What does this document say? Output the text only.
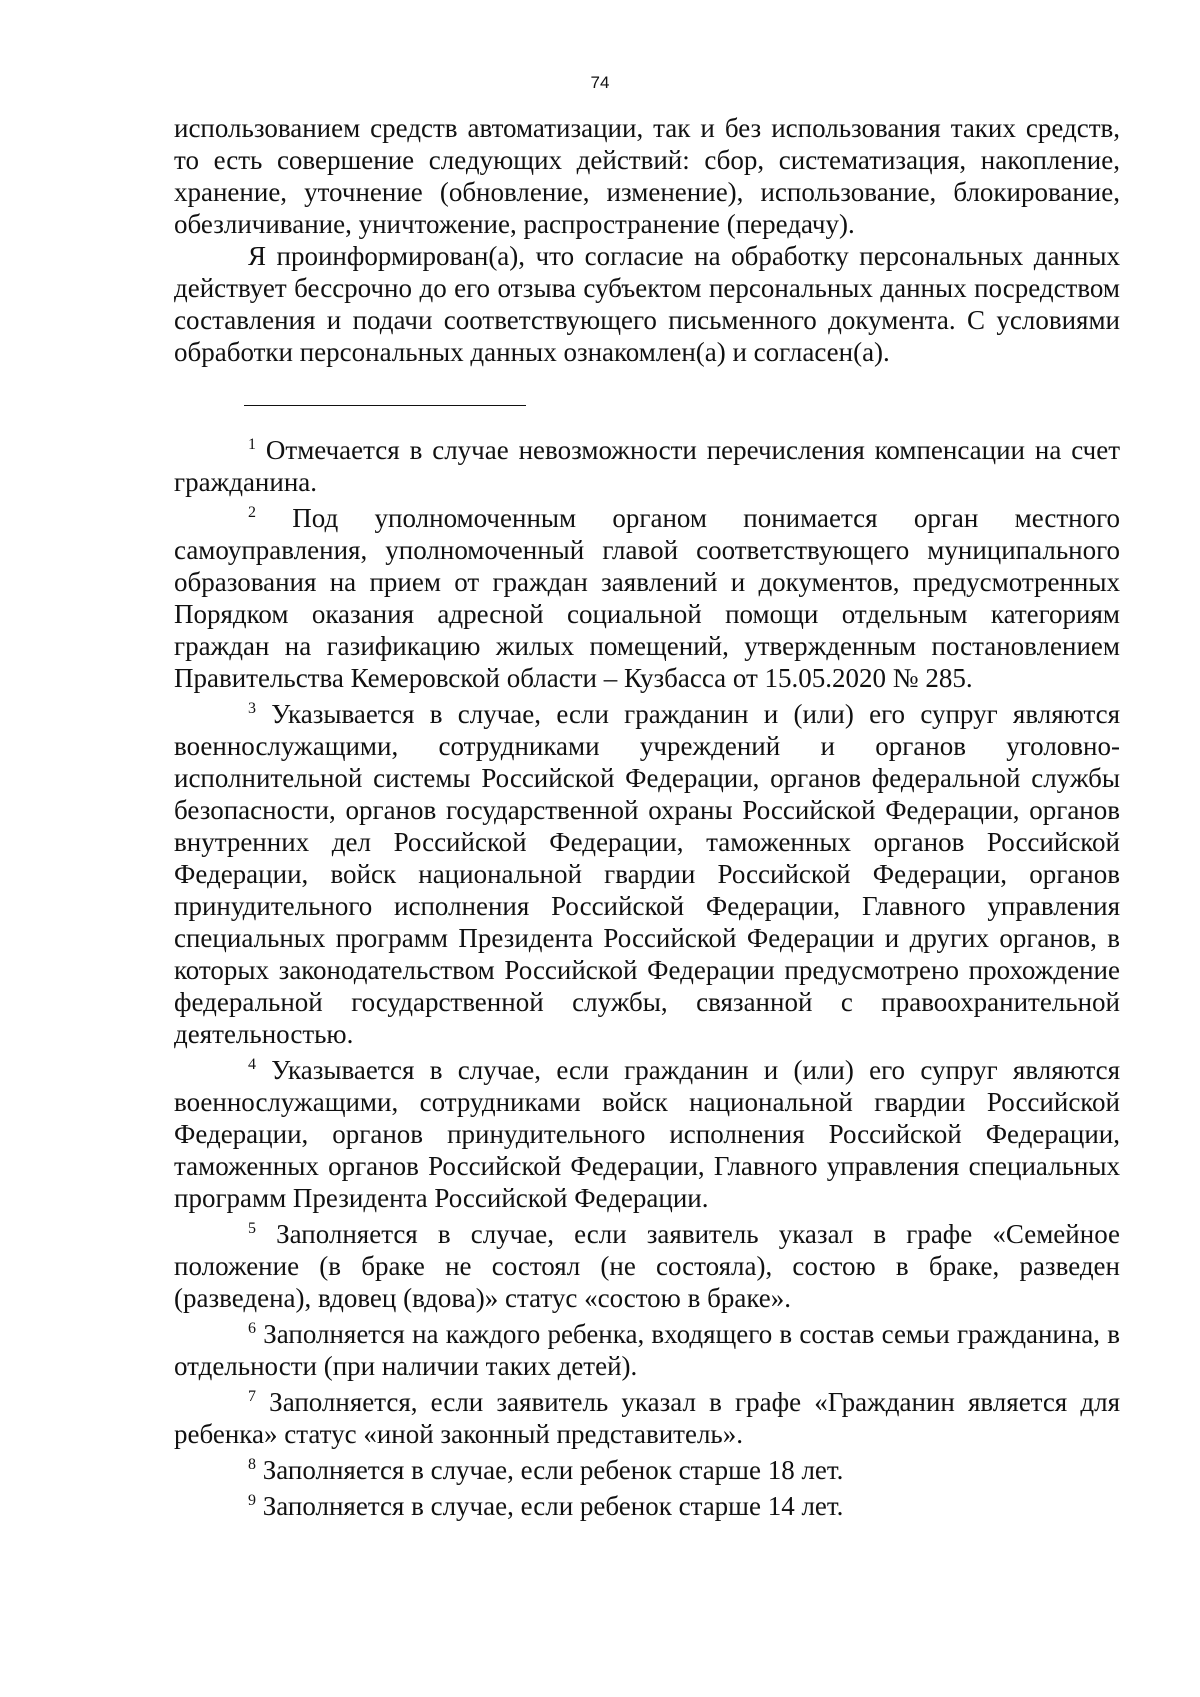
74

использованием средств автоматизации, так и без использования таких средств, то есть совершение следующих действий: сбор, систематизация, накопление, хранение, уточнение (обновление, изменение), использование, блокирование, обезличивание, уничтожение, распространение (передачу).

Я проинформирован(а), что согласие на обработку персональных данных действует бессрочно до его отзыва субъектом персональных данных посредством составления и подачи соответствующего письменного документа. С условиями обработки персональных данных ознакомлен(а) и согласен(а).

$^1$ Отмечается в случае невозможности перечисления компенсации на счет гражданина.

$^2$ Под уполномоченным органом понимается орган местного самоуправления, уполномоченный главой соответствующего муниципального образования на прием от граждан заявлений и документов, предусмотренных Порядком оказания адресной социальной помощи отдельным категориям граждан на газификацию жилых помещений, утвержденным постановлением Правительства Кемеровской области – Кузбасса от 15.05.2020 № 285.

$^3$ Указывается в случае, если гражданин и (или) его супруг являются военнослужащими, сотрудниками учреждений и органов уголовно-исполнительной системы Российской Федерации, органов федеральной службы безопасности, органов государственной охраны Российской Федерации, органов внутренних дел Российской Федерации, таможенных органов Российской Федерации, войск национальной гвардии Российской Федерации, органов принудительного исполнения Российской Федерации, Главного управления специальных программ Президента Российской Федерации и других органов, в которых законодательством Российской Федерации предусмотрено прохождение федеральной государственной службы, связанной с правоохранительной деятельностью.

$^4$ Указывается в случае, если гражданин и (или) его супруг являются военнослужащими, сотрудниками войск национальной гвардии Российской Федерации, органов принудительного исполнения Российской Федерации, таможенных органов Российской Федерации, Главного управления специальных программ Президента Российской Федерации.

$^5$ Заполняется в случае, если заявитель указал в графе «Семейное положение (в браке не состоял (не состояла), состою в браке, разведен (разведена), вдовец (вдова)» статус «состою в браке».

$^6$ Заполняется на каждого ребенка, входящего в состав семьи гражданина, в отдельности (при наличии таких детей).

$^7$ Заполняется, если заявитель указал в графе «Гражданин является для ребенка» статус «иной законный представитель».

$^8$ Заполняется в случае, если ребенок старше 18 лет.

$^9$ Заполняется в случае, если ребенок старше 14 лет.
